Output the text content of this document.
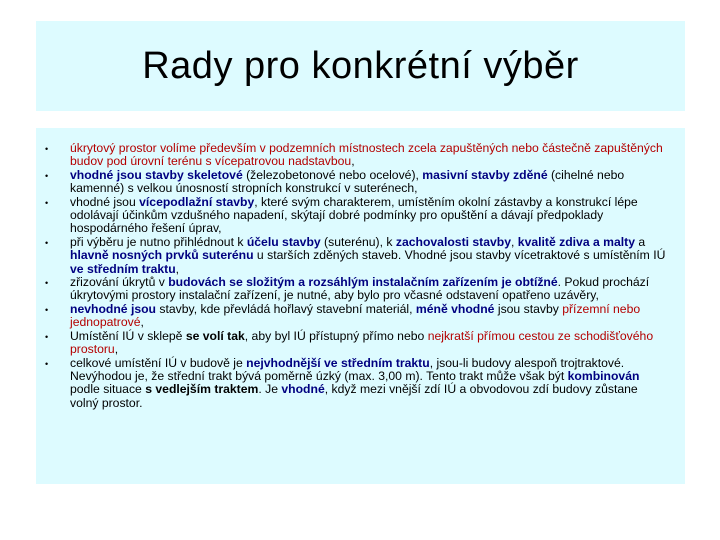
Rady pro konkrétní výběr
• úkrytový prostor volíme především v podzemních místnostech zcela zapuštěných nebo částečně zapuštěných budov pod úrovní terénu s vícepatrovou nadstavbou,
• vhodné jsou stavby skeletové (železobetonové nebo ocelové), masivní stavby zděné (cihelné nebo kamenné) s velkou únosností stropních konstrukcí v suterénech,
• vhodné jsou vícepodlažní stavby, které svým charakterem, umístěním okolní zástavby a konstrukcí lépe odolávají účinkům vzdušného napadení, skýtají dobré podmínky pro opuštění a dávají předpoklady hospodárného řešení úprav,
• při výběru je nutno přihlédnout k účelu stavby (suterénu), k zachovalosti stavby, kvalitě zdiva a malty a hlavně nosných prvků suterénu u starších zděných staveb. Vhodné jsou stavby vícetraktové s umístěním IÚ ve středním traktu,
• zřizování úkrytů v budovách se složitým a rozsáhlým instalačním zařízením je obtížné. Pokud prochází úkrytovými prostory instalační zařízení, je nutné, aby bylo pro včasné odstavení opatřeno uzávěry,
• nevhodné jsou stavby, kde převládá hořlavý stavební materiál, méně vhodné jsou stavby přízemní nebo jednopatrové,
• Umístění IÚ v sklepě se volí tak, aby byl IÚ přístupný přímo nebo nejkratší přímou cestou ze schodišťového prostoru,
• celkové umístění IÚ v budově je nejvhodnější ve středním traktu, jsou-li budovy alespoň trojtraktové. Nevýhodou je, že střední trakt bývá poměrně úzký (max. 3,00 m). Tento trakt může však být kombinován podle situace s vedlejším traktem. Je vhodné, když mezi vnější zdí IÚ a obvodovou zdí budovy zůstane volný prostor.
